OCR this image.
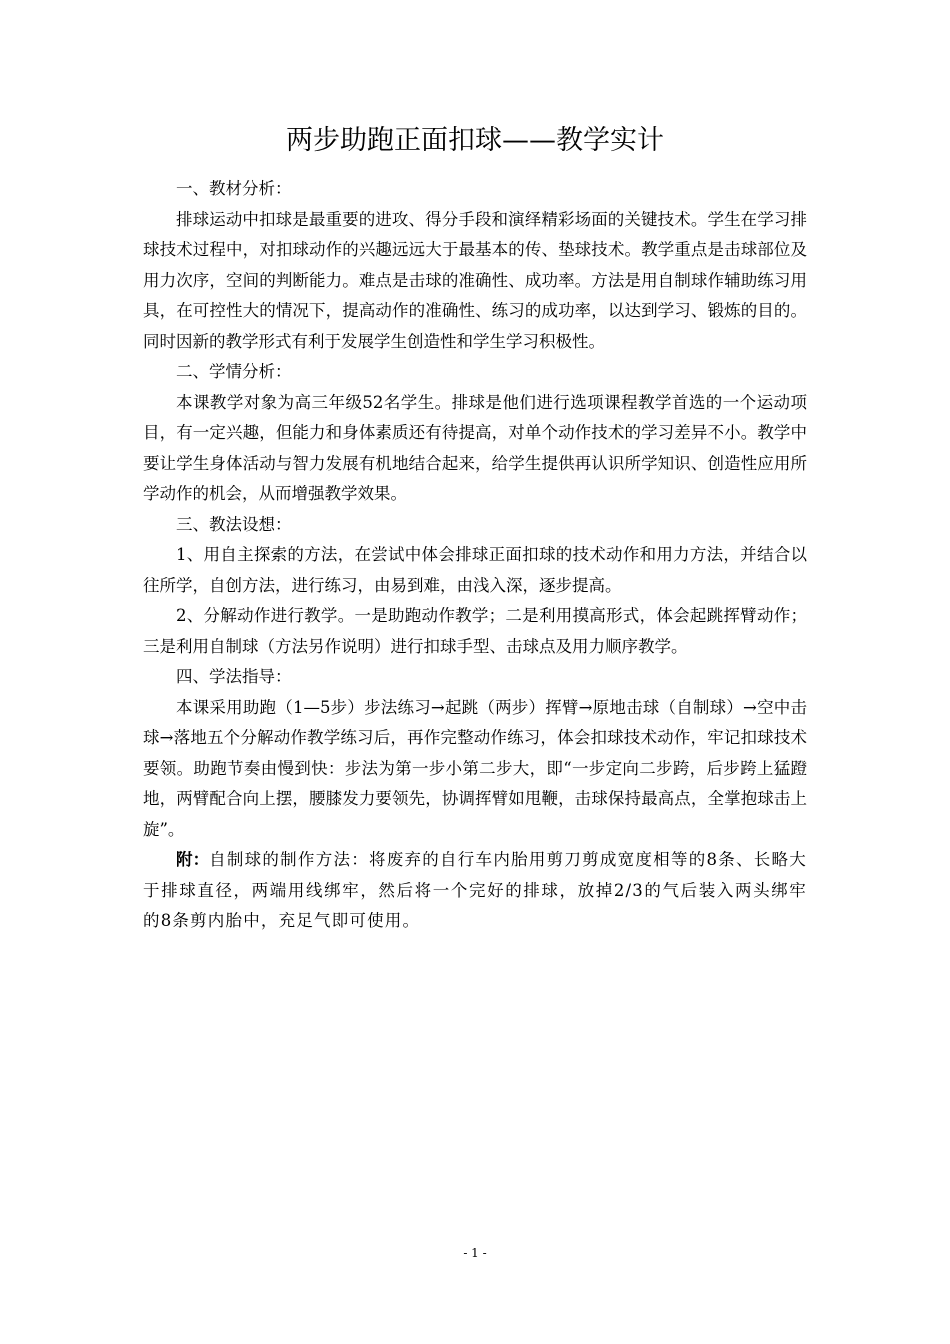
两步助跑正面扣球——教学实计

一、教材分析：

排球运动中扣球是最重要的进攻、得分手段和演绎精彩场面的关键技术。学生在学习排球技术过程中，对扣球动作的兴趣远远大于最基本的传、垫球技术。教学重点是击球部位及用力次序，空间的判断能力。难点是击球的准确性、成功率。方法是用自制球作辅助练习用具，在可控性大的情况下，提高动作的准确性、练习的成功率，以达到学习、锻炼的目的。同时因新的教学形式有利于发展学生创造性和学生学习积极性。

二、学情分析：

本课教学对象为高三年级52名学生。排球是他们进行选项课程教学首选的一个运动项目，有一定兴趣，但能力和身体素质还有待提高，对单个动作技术的学习差异不小。教学中要让学生身体活动与智力发展有机地结合起来，给学生提供再认识所学知识、创造性应用所学动作的机会，从而增强教学效果。

三、教法设想：

1、用自主探索的方法，在尝试中体会排球正面扣球的技术动作和用力方法，并结合以往所学，自创方法，进行练习，由易到难，由浅入深，逐步提高。

2、分解动作进行教学。一是助跑动作教学；二是利用摸高形式，体会起跳挥臂动作；三是利用自制球（方法另作说明）进行扣球手型、击球点及用力顺序教学。

四、学法指导：

本课采用助跑（1—5步）步法练习→起跳（两步）挥臂→原地击球（自制球）→空中击球→落地五个分解动作教学练习后，再作完整动作练习，体会扣球技术动作，牢记扣球技术要领。助跑节奏由慢到快：步法为第一步小第二步大，即“一步定向二步跨，后步跨上猛蹬地，两臂配合向上摆，腰膝发力要领先，协调挥臂如甩鞭，击球保持最高点，全掌抱球击上旋”。

附：自制球的制作方法：将废弃的自行车内胎用剪刀剪成宽度相等的8条、长略大于排球直径，两端用线绑牢，然后将一个完好的排球，放掉2/3的气后装入两头绑牢的8条剪内胎中，充足气即可使用。

- 1 -
